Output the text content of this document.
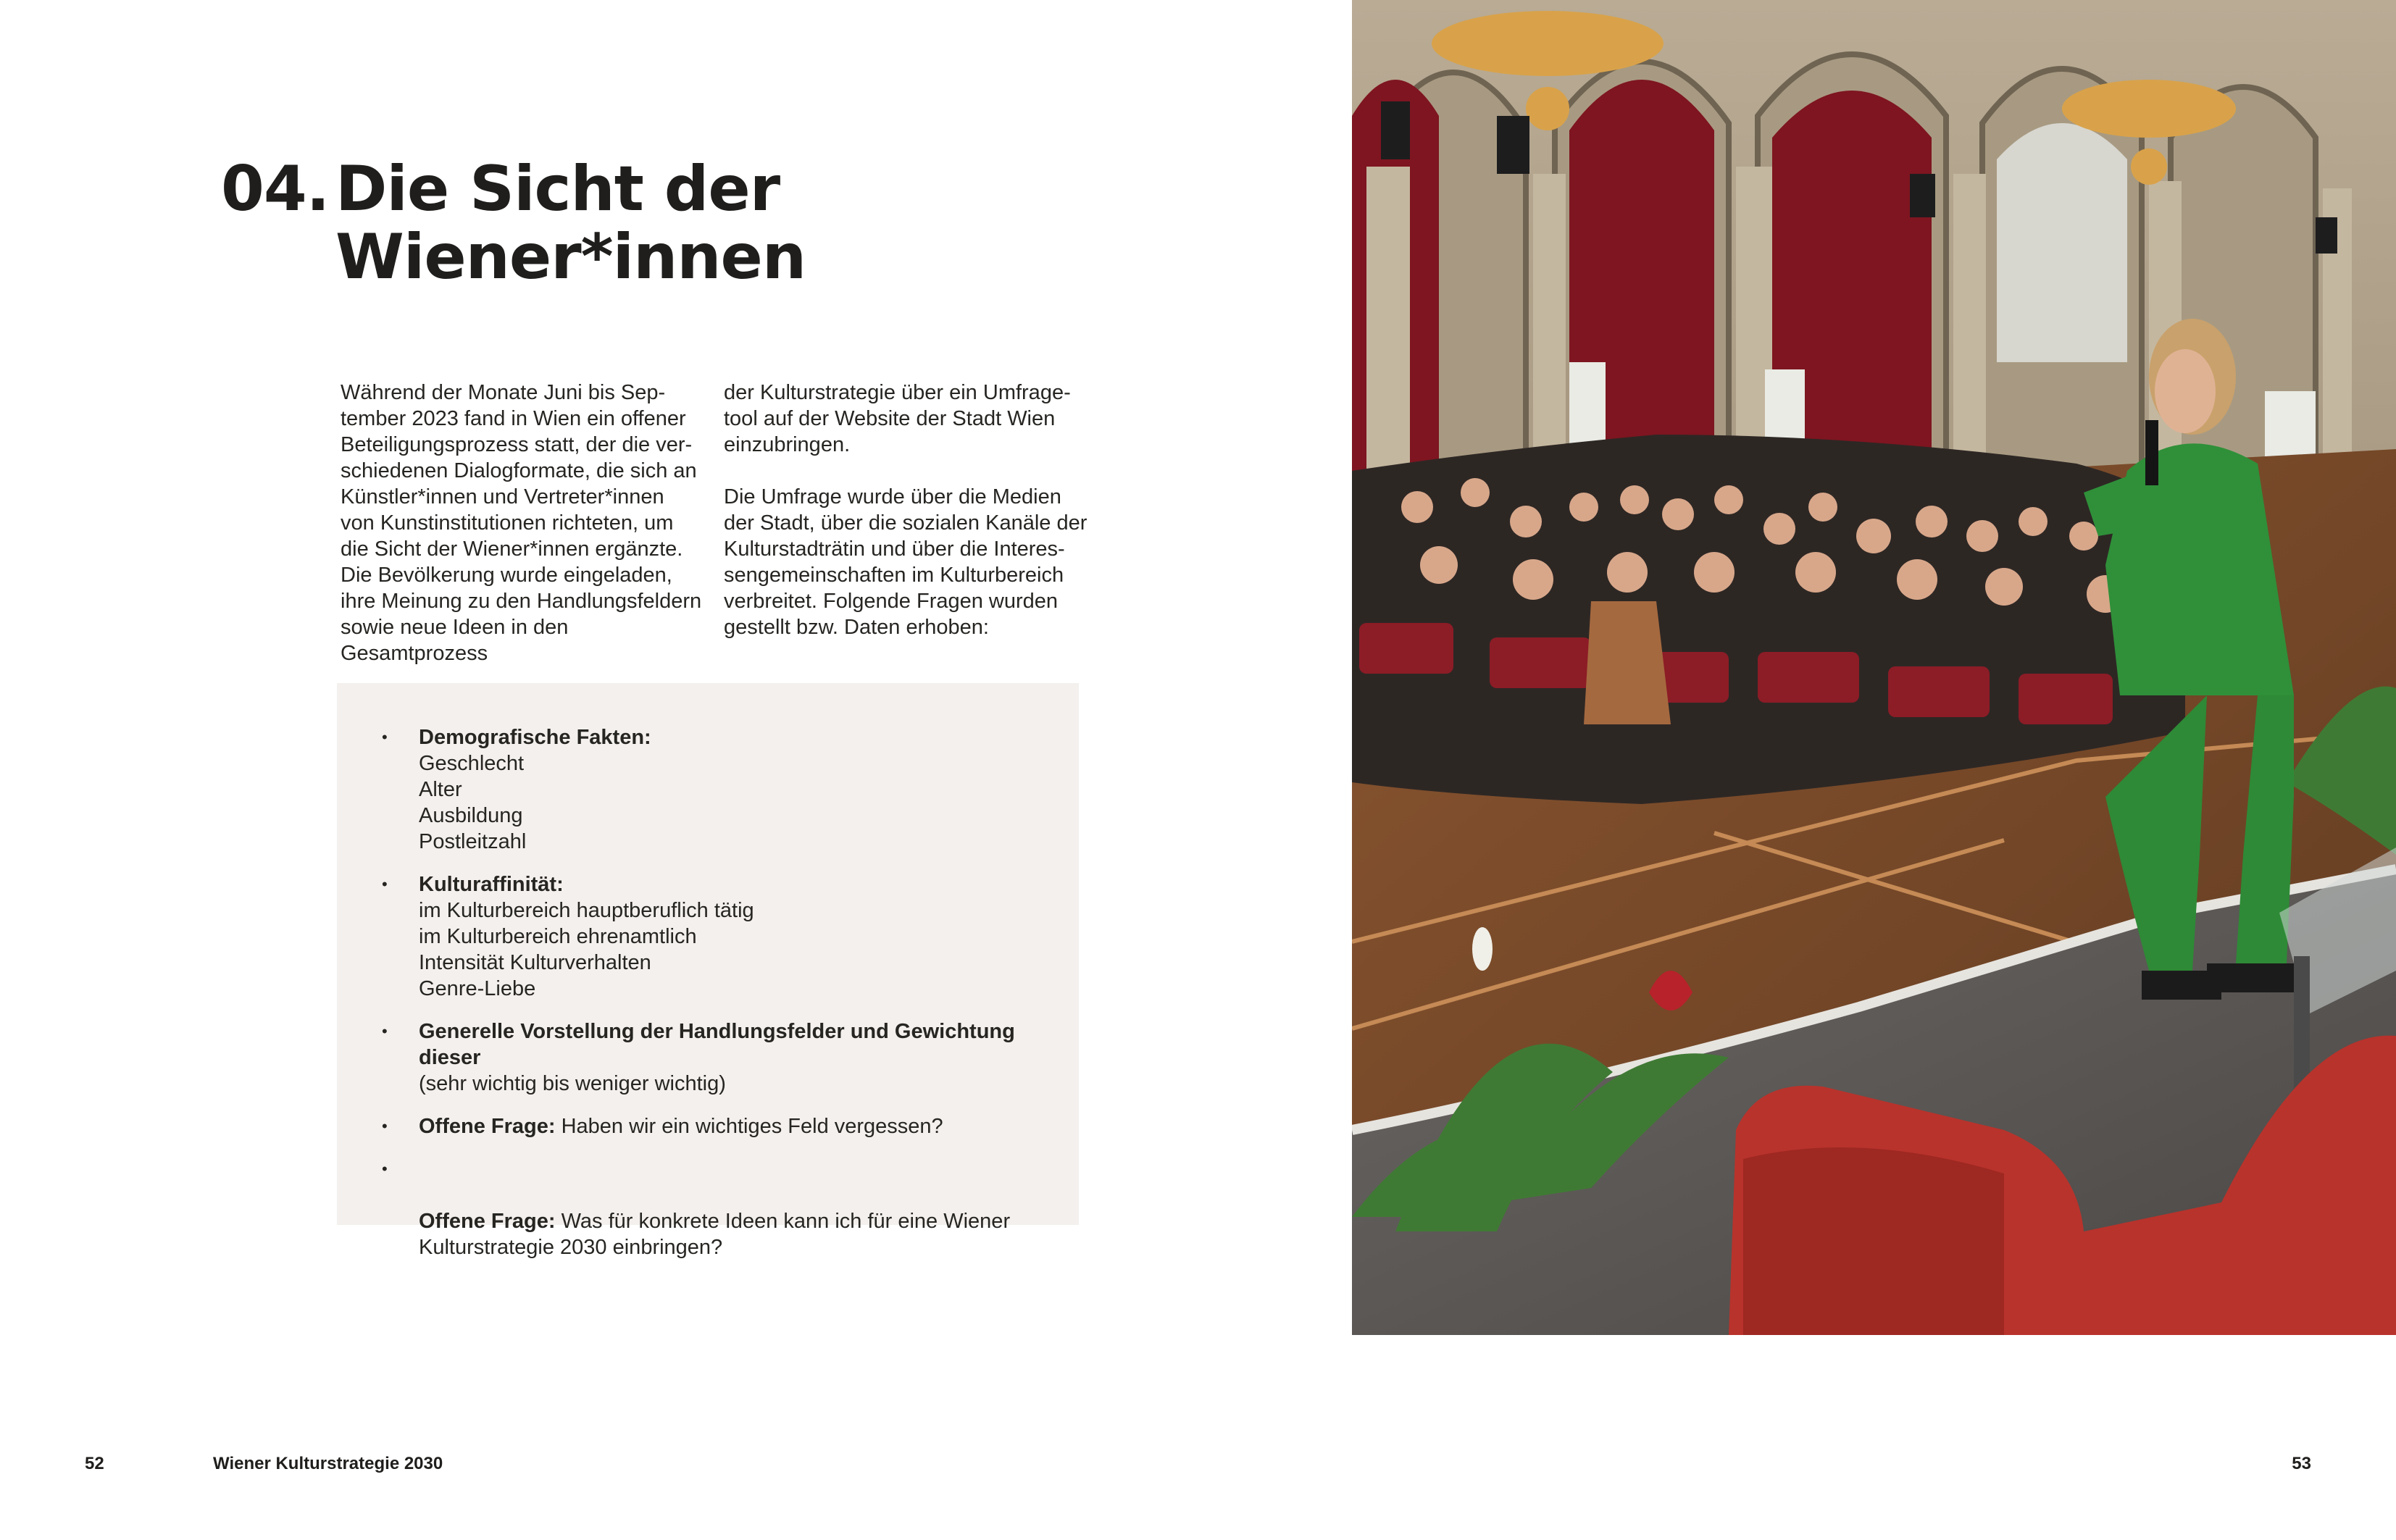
04. Die Sicht der
Wiener*innen

Während der Monate Juni bis Sep-
tember 2023 fand in Wien ein offener
Beteiligungsprozess statt, der die ver-
schiedenen Dialogformate, die sich an
Künstler*innen und Vertreter*innen
von Kunstinstitutionen richteten, um
die Sicht der Wiener*innen ergänzte.
Die Bevölkerung wurde eingeladen,
ihre Meinung zu den Handlungsfeldern
sowie neue Ideen in den Gesamtprozess

der Kulturstrategie über ein Umfrage-
tool auf der Website der Stadt Wien
einzubringen.

Die Umfrage wurde über die Medien
der Stadt, über die sozialen Kanäle der
Kulturstadträtin und über die Interes-
sengemeinschaften im Kulturbereich
verbreitet. Folgende Fragen wurden
gestellt bzw. Daten erhoben:

• Demografische Fakten:
Geschlecht
Alter
Ausbildung
Postleitzahl
• Kulturaffinität:
im Kulturbereich hauptberuflich tätig
im Kulturbereich ehrenamtlich
Intensität Kulturverhalten
Genre-Liebe
• Generelle Vorstellung der Handlungsfelder und Gewichtung dieser
(sehr wichtig bis weniger wichtig)
• Offene Frage: Haben wir ein wichtiges Feld vergessen?

•

Offene Frage: Was für konkrete Ideen kann ich für eine Wiener
Kulturstrategie 2030 einbringen?

52	Wiener Kulturstrategie 2030	53
